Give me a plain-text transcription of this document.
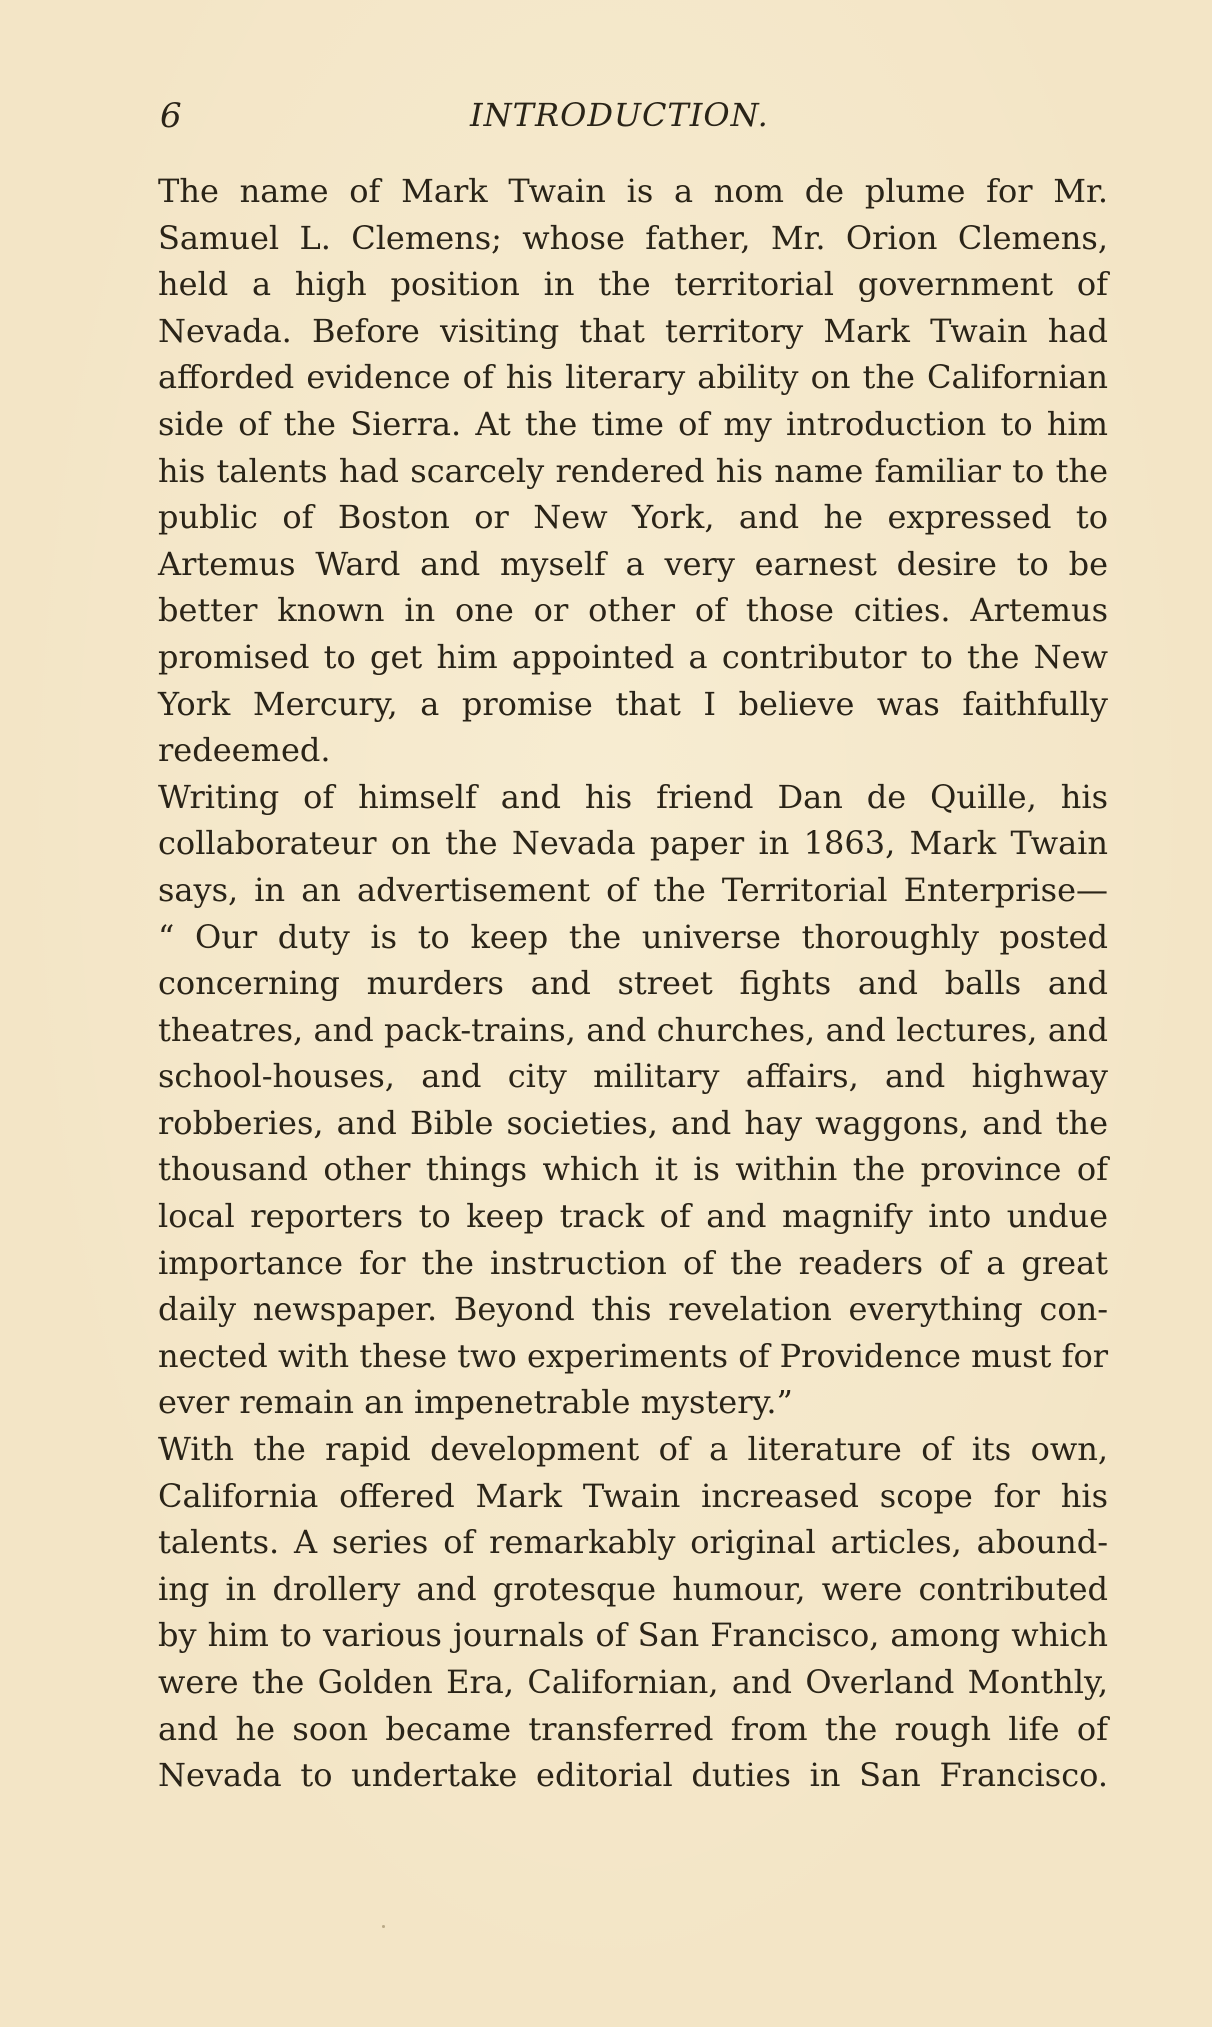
6	INTRODUCTION.
The name of Mark Twain is a nom de plume for Mr.
Samuel L. Clemens; whose father, Mr. Orion Clemens,
held a high position in the territorial government of
Nevada. Before visiting that territory Mark Twain had
afforded evidence of his literary ability on the Californian
side of the Sierra. At the time of my introduction to him
his talents had scarcely rendered his name familiar to the
public of Boston or New York, and he expressed to
Artemus Ward and myself a very earnest desire to be
better known in one or other of those cities. Artemus
promised to get him appointed a contributor to the New
York Mercury, a promise that I believe was faithfully
redeemed.
Writing of himself and his friend Dan de Quille, his
collaborateur on the Nevada paper in 1863, Mark Twain
says, in an advertisement of the Territorial Enterprise—
“ Our duty is to keep the universe thoroughly posted
concerning murders and street fights and balls and
theatres, and pack-trains, and churches, and lectures, and
school-houses, and city military affairs, and highway
robberies, and Bible societies, and hay waggons, and the
thousand other things which it is within the province of
local reporters to keep track of and magnify into undue
importance for the instruction of the readers of a great
daily newspaper. Beyond this revelation everything con-
nected with these two experiments of Providence must for
ever remain an impenetrable mystery.”
With the rapid development of a literature of its own,
California offered Mark Twain increased scope for his
talents. A series of remarkably original articles, abound-
ing in drollery and grotesque humour, were contributed
by him to various journals of San Francisco, among which
were the Golden Era, Californian, and Overland Monthly,
and he soon became transferred from the rough life of
Nevada to undertake editorial duties in San Francisco.
